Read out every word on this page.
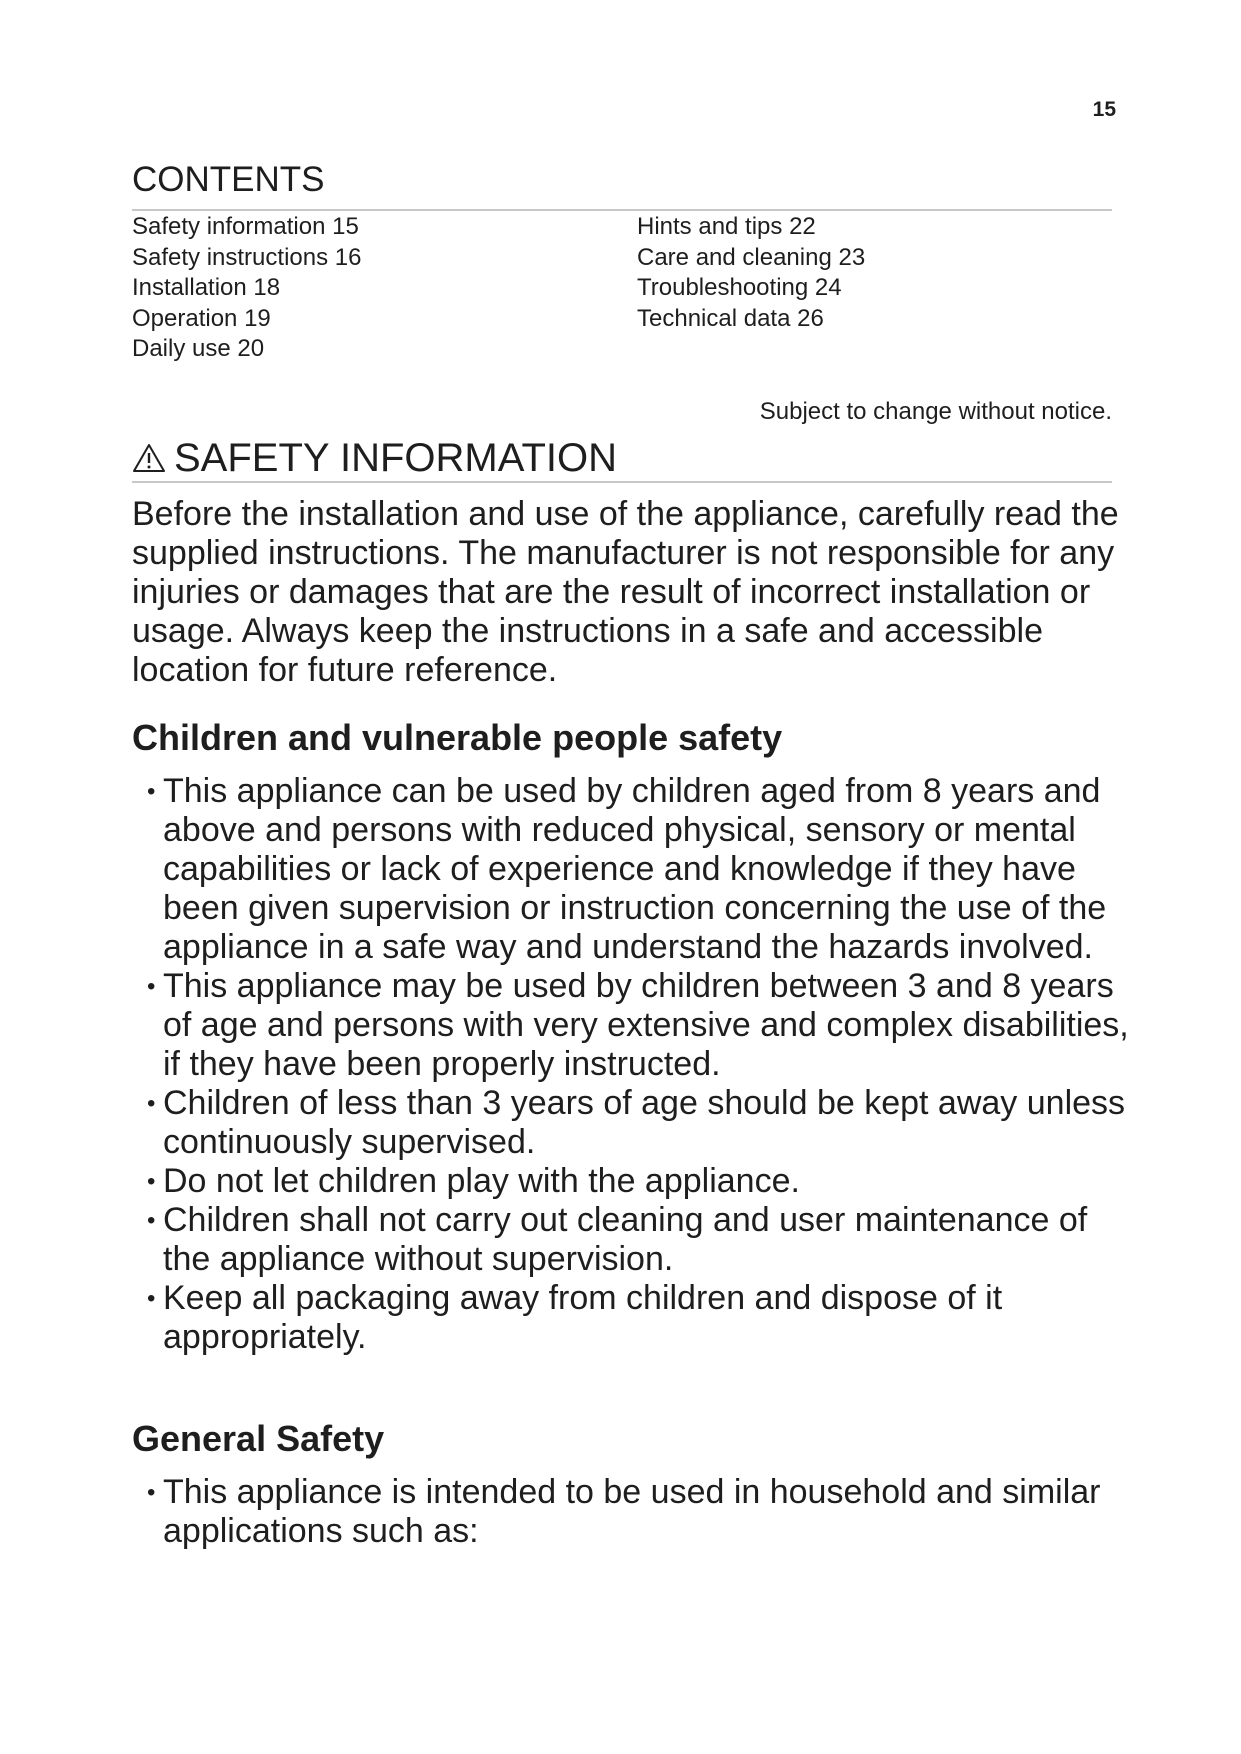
15
CONTENTS
Safety information 15
Safety instructions 16
Installation 18
Operation 19
Daily use 20
Hints and tips 22
Care and cleaning 23
Troubleshooting 24
Technical data 26
Subject to change without notice.
SAFETY INFORMATION

Before the installation and use of the appliance, carefully read the supplied instructions. The manufacturer is not responsible for any injuries or damages that are the result of incorrect installation or usage. Always keep the instructions in a safe and accessible location for future reference.

Children and vulnerable people safety
• This appliance can be used by children aged from 8 years and above and persons with reduced physical, sensory or mental capabilities or lack of experience and knowledge if they have been given supervision or instruction concerning the use of the appliance in a safe way and understand the hazards involved.
• This appliance may be used by children between 3 and 8 years of age and persons with very extensive and complex disabilities, if they have been properly instructed.
• Children of less than 3 years of age should be kept away unless continuously supervised.
• Do not let children play with the appliance.
• Children shall not carry out cleaning and user maintenance of the appliance without supervision.
• Keep all packaging away from children and dispose of it appropriately.
General Safety
• This appliance is intended to be used in household and similar applications such as:
